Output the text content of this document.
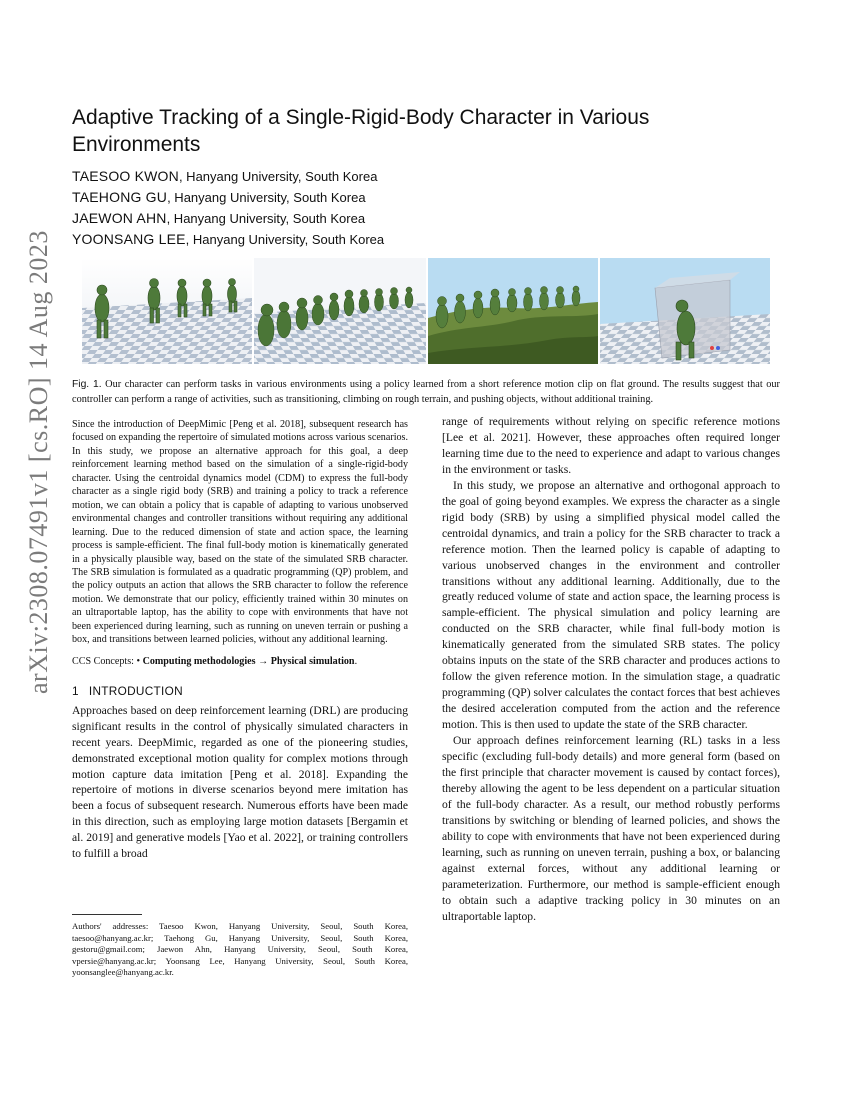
arXiv:2308.07491v1 [cs.RO] 14 Aug 2023
Adaptive Tracking of a Single-Rigid-Body Character in Various Environments
TAESOO KWON, Hanyang University, South Korea
TAEHONG GU, Hanyang University, South Korea
JAEWON AHN, Hanyang University, South Korea
YOONSANG LEE, Hanyang University, South Korea
Fig. 1. Our character can perform tasks in various environments using a policy learned from a short reference motion clip on flat ground. The results suggest that our controller can perform a range of activities, such as transitioning, climbing on rough terrain, and pushing objects, without additional training.

Since the introduction of DeepMimic [Peng et al. 2018], subsequent research has focused on expanding the repertoire of simulated motions across various scenarios. In this study, we propose an alternative approach for this goal, a deep reinforcement learning method based on the simulation of a single-rigid-body character. Using the centroidal dynamics model (CDM) to express the full-body character as a single rigid body (SRB) and training a policy to track a reference motion, we can obtain a policy that is capable of adapting to various unobserved environmental changes and controller transitions without requiring any additional learning. Due to the reduced dimension of state and action space, the learning process is sample-efficient. The final full-body motion is kinematically generated in a physically plausible way, based on the state of the simulated SRB character. The SRB simulation is formulated as a quadratic programming (QP) problem, and the policy outputs an action that allows the SRB character to follow the reference motion. We demonstrate that our policy, efficiently trained within 30 minutes on an ultraportable laptop, has the ability to cope with environments that have not been experienced during learning, such as running on uneven terrain or pushing a box, and transitions between learned policies, without any additional learning.

CCS Concepts: • Computing methodologies → Physical simulation.
1 INTRODUCTION

Approaches based on deep reinforcement learning (DRL) are producing significant results in the control of physically simulated characters in recent years. DeepMimic, regarded as one of the pioneering studies, demonstrated exceptional motion quality for complex motions through motion capture data imitation [Peng et al. 2018]. Expanding the repertoire of motions in diverse scenarios beyond mere imitation has been a focus of subsequent research. Numerous efforts have been made in this direction, such as employing large motion datasets [Bergamin et al. 2019] and generative models [Yao et al. 2022], or training controllers to fulfill a broad

range of requirements without relying on specific reference motions [Lee et al. 2021]. However, these approaches often required longer learning time due to the need to experience and adapt to various changes in the environment or tasks.

In this study, we propose an alternative and orthogonal approach to the goal of going beyond examples. We express the character as a single rigid body (SRB) by using a simplified physical model called the centroidal dynamics, and train a policy for the SRB character to track a reference motion. Then the learned policy is capable of adapting to various unobserved changes in the environment and controller transitions without any additional learning. Additionally, due to the greatly reduced volume of state and action space, the learning process is sample-efficient. The physical simulation and policy learning are conducted on the SRB character, while final full-body motion is kinematically generated from the simulated SRB states. The policy obtains inputs on the state of the SRB character and produces actions to follow the given reference motion. In the simulation stage, a quadratic programming (QP) solver calculates the contact forces that best achieves the desired acceleration computed from the action and the reference motion. This is then used to update the state of the SRB character.

Our approach defines reinforcement learning (RL) tasks in a less specific (excluding full-body details) and more general form (based on the first principle that character movement is caused by contact forces), thereby allowing the agent to be less dependent on a particular situation of the full-body character. As a result, our method robustly performs transitions by switching or blending of learned policies, and shows the ability to cope with environments that have not been experienced during learning, such as running on uneven terrain, pushing a box, or balancing against external forces, without any additional learning or parameterization. Furthermore, our method is sample-efficient enough to obtain such a adaptive tracking policy in 30 minutes on an ultraportable laptop.

Authors' addresses: Taesoo Kwon, Hanyang University, Seoul, South Korea, taesoo@hanyang.ac.kr; Taehong Gu, Hanyang University, Seoul, South Korea, gestoru@gmail.com; Jaewon Ahn, Hanyang University, Seoul, South Korea, vpersie@hanyang.ac.kr; Yoonsang Lee, Hanyang University, Seoul, South Korea, yoonsanglee@hanyang.ac.kr.
